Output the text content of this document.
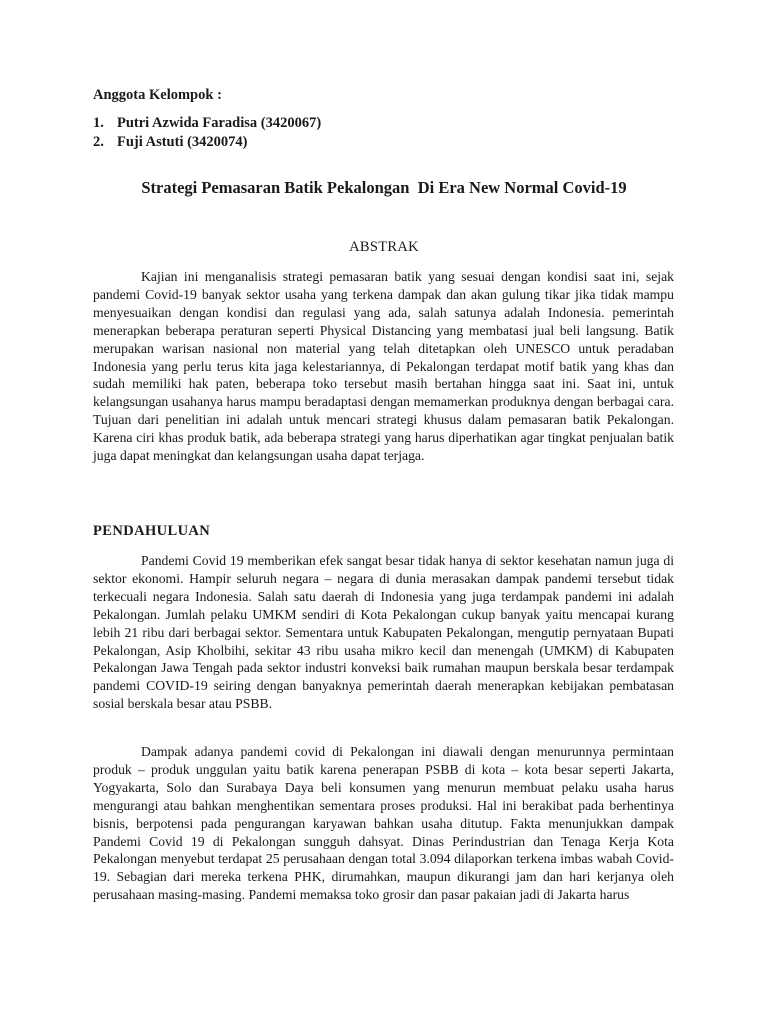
Anggota Kelompok :

1. Putri Azwida Faradisa (3420067)
2. Fuji Astuti (3420074)
Strategi Pemasaran Batik Pekalongan  Di Era New Normal Covid-19
ABSTRAK

Kajian ini menganalisis strategi pemasaran batik yang sesuai dengan kondisi saat ini, sejak pandemi Covid-19 banyak sektor usaha yang terkena dampak dan akan gulung tikar jika tidak mampu menyesuaikan dengan kondisi dan regulasi yang ada, salah satunya adalah Indonesia. pemerintah menerapkan beberapa peraturan seperti Physical Distancing yang membatasi jual beli langsung. Batik merupakan warisan nasional non material yang telah ditetapkan oleh UNESCO untuk peradaban Indonesia yang perlu terus kita jaga kelestariannya, di Pekalongan terdapat motif batik yang khas dan sudah memiliki hak paten, beberapa toko tersebut masih bertahan hingga saat ini. Saat ini, untuk kelangsungan usahanya harus mampu beradaptasi dengan memamerkan produknya dengan berbagai cara. Tujuan dari penelitian ini adalah untuk mencari strategi khusus dalam pemasaran batik Pekalongan. Karena ciri khas produk batik, ada beberapa strategi yang harus diperhatikan agar tingkat penjualan batik juga dapat meningkat dan kelangsungan usaha dapat terjaga.

PENDAHULUAN

Pandemi Covid 19 memberikan efek sangat besar tidak hanya di sektor kesehatan namun juga di sektor ekonomi. Hampir seluruh negara – negara di dunia merasakan dampak pandemi tersebut tidak terkecuali negara Indonesia. Salah satu daerah di Indonesia yang juga terdampak pandemi ini adalah Pekalongan. Jumlah pelaku UMKM sendiri di Kota Pekalongan cukup banyak yaitu mencapai kurang lebih 21 ribu dari berbagai sektor. Sementara untuk Kabupaten Pekalongan, mengutip pernyataan Bupati Pekalongan, Asip Kholbihi, sekitar 43 ribu usaha mikro kecil dan menengah (UMKM) di Kabupaten Pekalongan Jawa Tengah pada sektor industri konveksi baik rumahan maupun berskala besar terdampak pandemi COVID-19 seiring dengan banyaknya pemerintah daerah menerapkan kebijakan pembatasan sosial berskala besar atau PSBB.

Dampak adanya pandemi covid di Pekalongan ini diawali dengan menurunnya permintaan produk – produk unggulan yaitu batik karena penerapan PSBB di kota – kota besar seperti Jakarta, Yogyakarta, Solo dan Surabaya Daya beli konsumen yang menurun membuat pelaku usaha harus mengurangi atau bahkan menghentikan sementara proses produksi. Hal ini berakibat pada berhentinya bisnis, berpotensi pada pengurangan karyawan bahkan usaha ditutup. Fakta menunjukkan dampak Pandemi Covid 19 di Pekalongan sungguh dahsyat. Dinas Perindustrian dan Tenaga Kerja Kota Pekalongan menyebut terdapat 25 perusahaan dengan total 3.094 dilaporkan terkena imbas wabah Covid-19. Sebagian dari mereka terkena PHK, dirumahkan, maupun dikurangi jam dan hari kerjanya oleh perusahaan masing-masing. Pandemi memaksa toko grosir dan pasar pakaian jadi di Jakarta harus
